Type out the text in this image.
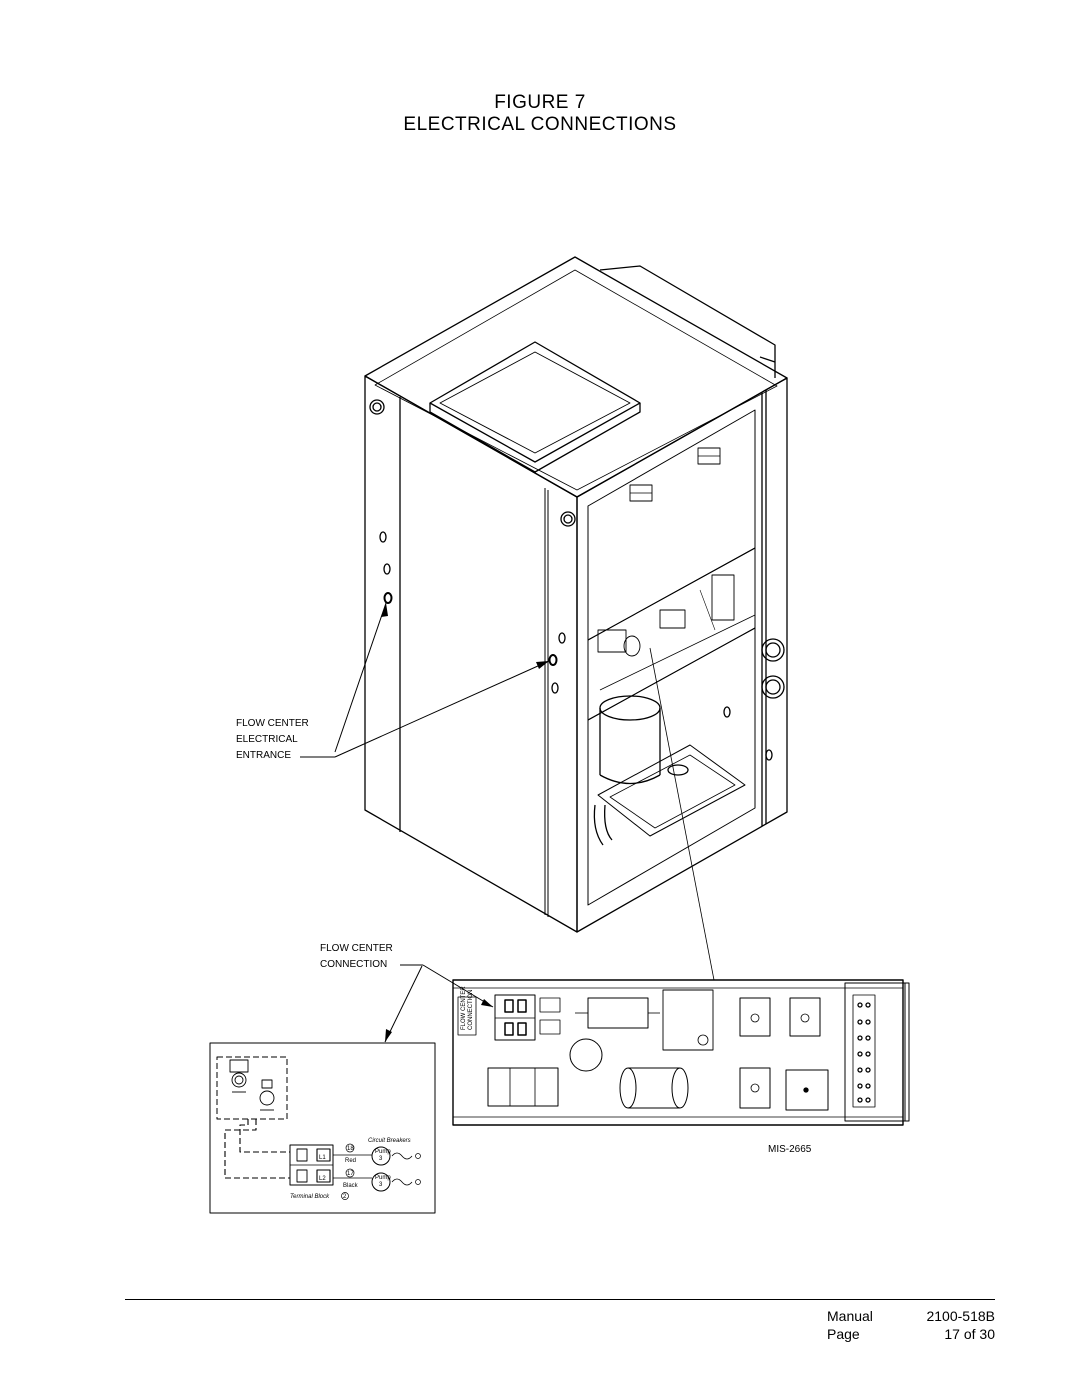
FIGURE 7
ELECTRICAL CONNECTIONS
FLOW CENTER
ELECTRICAL
ENTRANCE
FLOW CENTER
CONNECTION
MIS-2665
Circuit Breakers
Terminal Block 2
L1
L2
18
17
Red
Black
Pump
3
Pump
3
FLOW CENTER CONNECTION
Manual	2100-518B
Page	17 of 30
